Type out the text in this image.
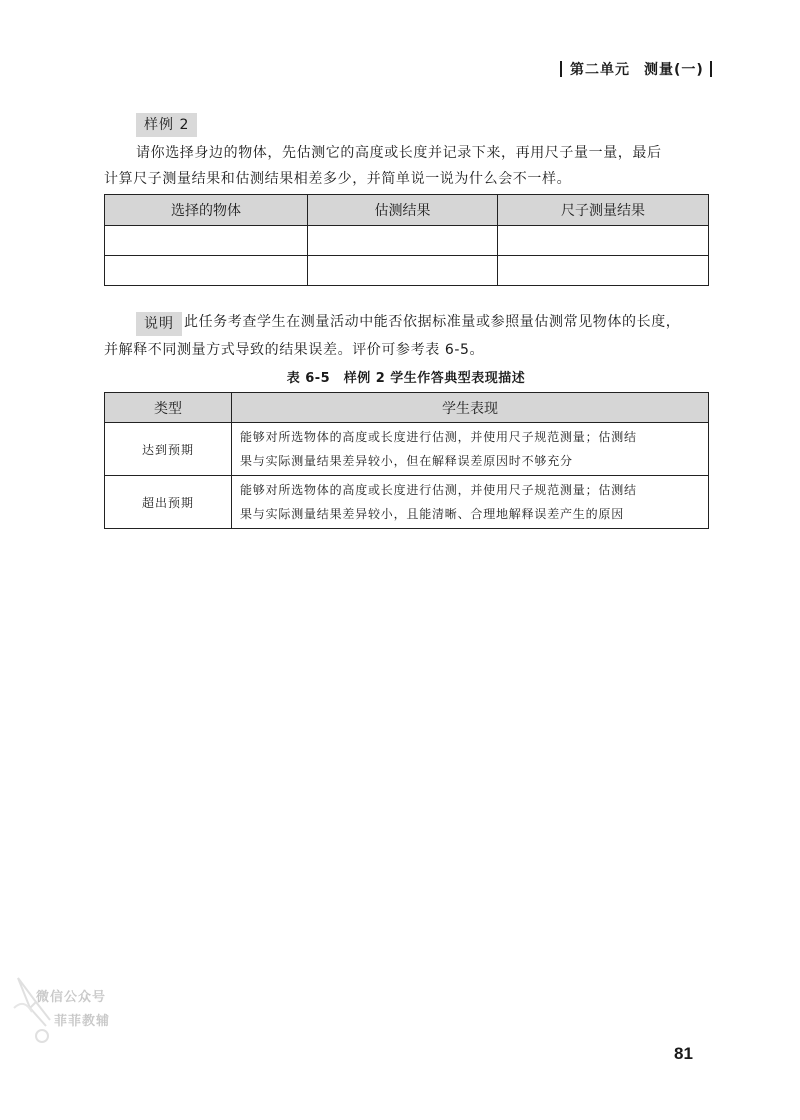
第二单元 测量(一)
样例 2
请你选择身边的物体，先估测它的高度或长度并记录下来，再用尺子量一量，最后
计算尺子测量结果和估测结果相差多少，并简单说一说为什么会不一样。
选择的物体	估测结果	尺子测量结果

说明 此任务考查学生在测量活动中能否依据标准量或参照量估测常见物体的长度，
并解释不同测量方式导致的结果误差。评价可参考表 6-5。
表 6-5　样例 2 学生作答典型表现描述
类型	学生表现
达到预期	能够对所选物体的高度或长度进行估测，并使用尺子规范测量；估测结
果与实际测量结果差异较小，但在解释误差原因时不够充分

超出预期	能够对所选物体的高度或长度进行估测，并使用尺子规范测量；估测结
果与实际测量结果差异较小，且能清晰、合理地解释误差产生的原因
微信公众号
菲菲教辅
81
